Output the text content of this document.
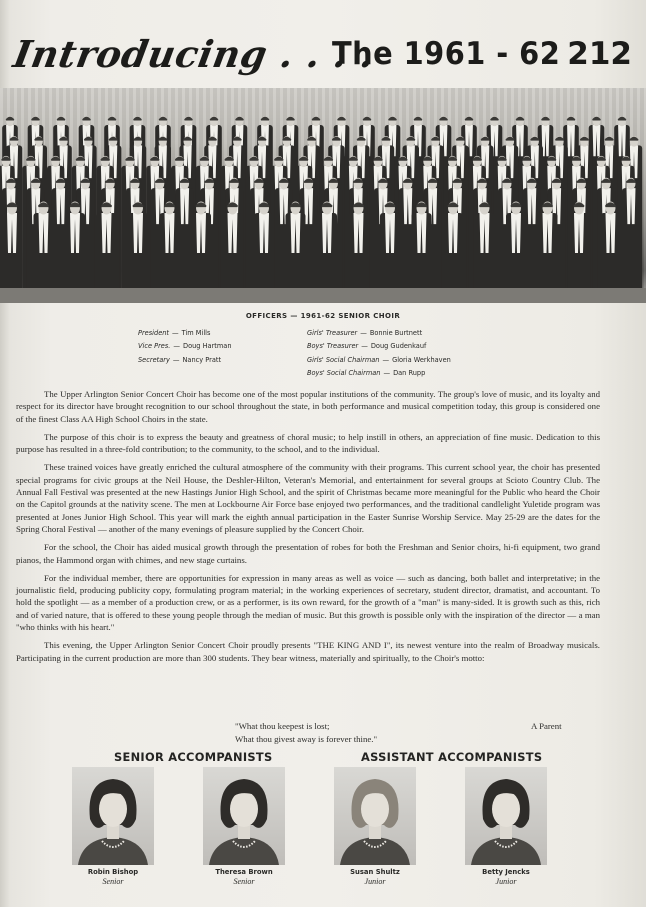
Introducing . . . .
The 1961 - 62 212
OFFICERS — 1961-62 SENIOR CHOIR
President — Tim Mills
Vice Pres. — Doug Hartman
Secretary — Nancy Pratt
Girls' Treasurer — Bonnie Burtnett
Boys' Treasurer — Doug Gudenkauf
Girls' Social Chairman — Gloria Werkhaven
Boys' Social Chairman — Dan Rupp

The Upper Arlington Senior Concert Choir has become one of the most popular institutions of the community. The group's love of music, and its loyalty and respect for its director have brought recognition to our school throughout the state, in both performance and musical competition today, this group is considered one of the finest Class AA High School Choirs in the state.

The purpose of this choir is to express the beauty and greatness of choral music; to help instill in others, an appreciation of fine music. Dedication to this purpose has resulted in a three-fold contribution; to the community, to the school, and to the individual.

These trained voices have greatly enriched the cultural atmosphere of the community with their programs. This current school year, the choir has presented special programs for civic groups at the Neil House, the Deshler-Hilton, Veteran's Memorial, and entertainment for several groups at Scioto Country Club. The Annual Fall Festival was presented at the new Hastings Junior High School, and the spirit of Christmas became more meaningful for the Public who heard the Choir on the Capitol grounds at the nativity scene. The men at Lockbourne Air Force base enjoyed two performances, and the traditional candlelight Yuletide program was presented at Jones Junior High School. This year will mark the eighth annual participation in the Easter Sunrise Worship Service. May 25-29 are the dates for the Spring Choral Festival — another of the many evenings of pleasure supplied by the Concert Choir.

For the school, the Choir has aided musical growth through the presentation of robes for both the Freshman and Senior choirs, hi-fi equipment, two grand pianos, the Hammond organ with chimes, and new stage curtains.

For the individual member, there are opportunities for expression in many areas as well as voice — such as dancing, both ballet and interpretative; in the journalistic field, producing publicity copy, formulating program material; in the working experiences of secretary, student director, dramatist, and accountant. To hold the spotlight — as a member of a production crew, or as a performer, is its own reward, for the growth of a "man" is many-sided. It is growth such as this, rich and of varied nature, that is offered to these young people through the median of music. But this growth is possible only with the inspiration of the director — a man "who thinks with his heart."

This evening, the Upper Arlington Senior Concert Choir proudly presents "THE KING AND I", its newest venture into the realm of Broadway musicals. Participating in the current production are more than 300 students. They bear witness, materially and spiritually, to the Choir's motto:

"What thou keepest is lost;
What thou givest away is forever thine."
A Parent
SENIOR ACCOMPANISTS	ASSISTANT ACCOMPANISTS
Robin Bishop
Senior
Theresa Brown
Senior
Susan Shultz
Junior
Betty Jencks
Junior
